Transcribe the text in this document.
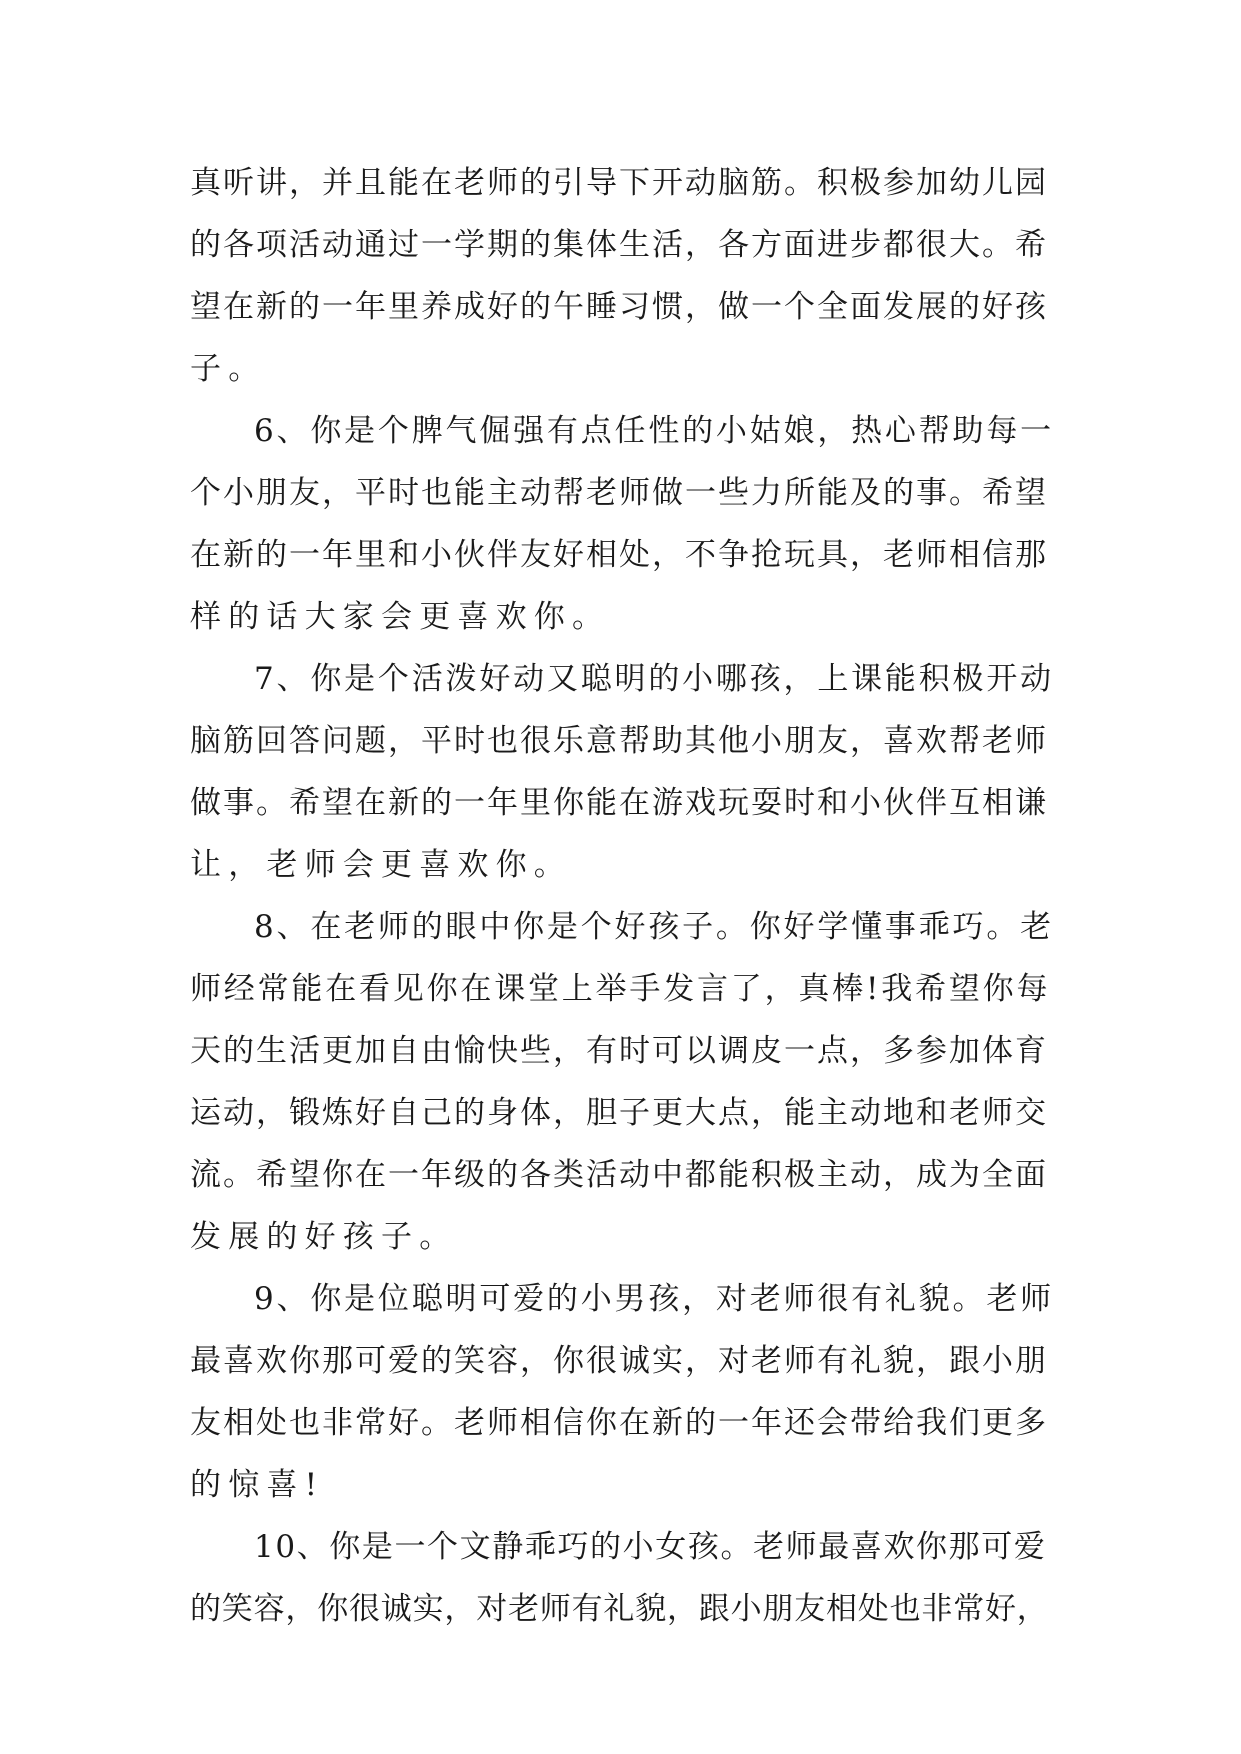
真听讲，并且能在老师的引导下开动脑筋。积极参加幼儿园
的各项活动通过一学期的集体生活，各方面进步都很大。希
望在新的一年里养成好的午睡习惯，做一个全面发展的好孩
子。
6、你是个脾气倔强有点任性的小姑娘，热心帮助每一
个小朋友，平时也能主动帮老师做一些力所能及的事。希望
在新的一年里和小伙伴友好相处，不争抢玩具，老师相信那
样的话大家会更喜欢你。
7、你是个活泼好动又聪明的小哪孩，上课能积极开动
脑筋回答问题，平时也很乐意帮助其他小朋友，喜欢帮老师
做事。希望在新的一年里你能在游戏玩耍时和小伙伴互相谦
让，老师会更喜欢你。
8、在老师的眼中你是个好孩子。你好学懂事乖巧。老
师经常能在看见你在课堂上举手发言了，真棒!我希望你每
天的生活更加自由愉快些，有时可以调皮一点，多参加体育
运动，锻炼好自己的身体，胆子更大点，能主动地和老师交
流。希望你在一年级的各类活动中都能积极主动，成为全面
发展的好孩子。
9、你是位聪明可爱的小男孩，对老师很有礼貌。老师
最喜欢你那可爱的笑容，你很诚实，对老师有礼貌，跟小朋
友相处也非常好。老师相信你在新的一年还会带给我们更多
的惊喜!
10、你是一个文静乖巧的小女孩。老师最喜欢你那可爱
的笑容，你很诚实，对老师有礼貌，跟小朋友相处也非常好，
